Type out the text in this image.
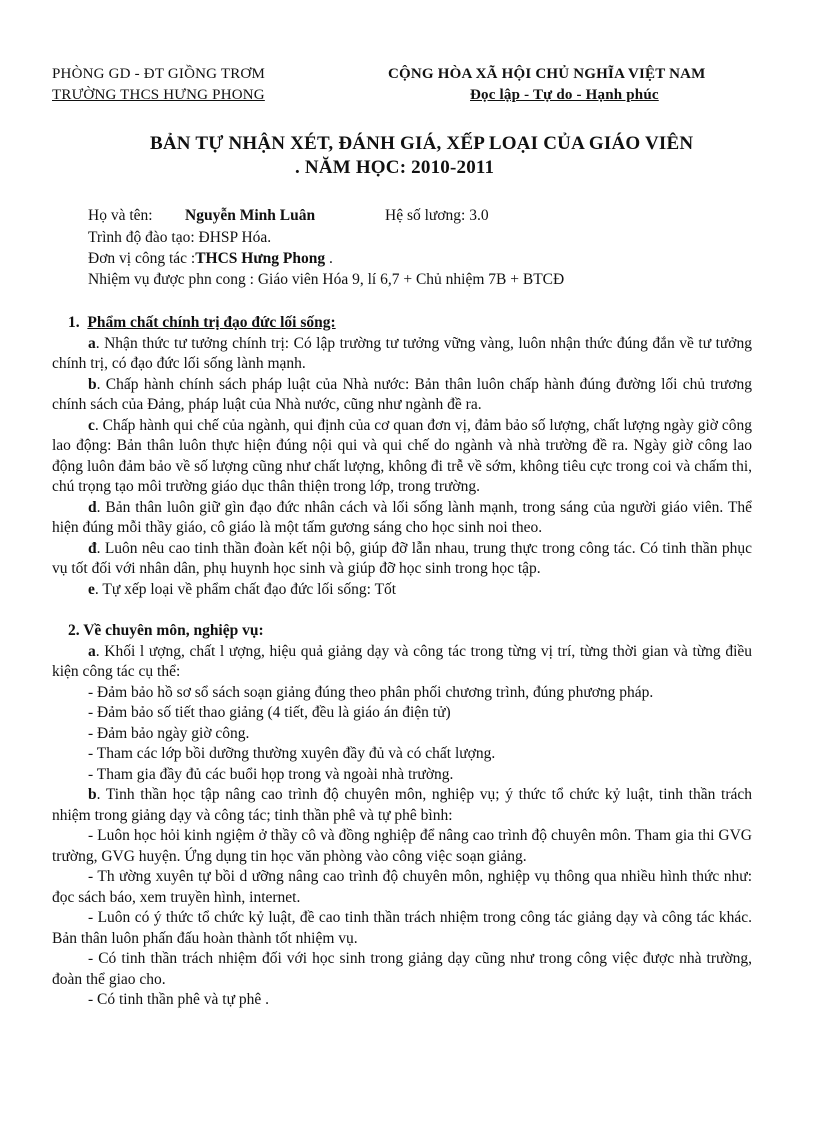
PHÒNG GD - ĐT GIỒNG TRƠM
TRƯỜNG THCS HƯNG PHONG
CỘNG HÒA XÃ HỘI CHỦ NGHĨA VIỆT NAM
Đọc lập - Tự do - Hạnh phúc
BẢN TỰ NHẬN XÉT, ĐÁNH GIÁ, XẾP LOẠI CỦA GIÁO VIÊN
. NĂM HỌC: 2010-2011
Họ và tên: Nguyễn Minh Luân	Hệ số lương: 3.0
Trình độ đào tạo: ĐHSP Hóa.
Đơn vị công tác :THCS Hưng Phong .
Nhiệm vụ được phn cong : Giáo viên Hóa 9, lí 6,7 + Chủ nhiệm 7B + BTCĐ

1. Phẩm chất chính trị đạo đức lối sống:

a. Nhận thức tư tưởng chính trị: Có lập trường tư tưởng vững vàng, luôn nhận thức đúng đắn về tư tưởng chính trị, có đạo đức lối sống lành mạnh.

b. Chấp hành chính sách pháp luật của Nhà nước: Bản thân luôn chấp hành đúng đường lối chủ trương chính sách của Đảng, pháp luật của Nhà nước, cũng như ngành đề ra.

c. Chấp hành qui chế của ngành, qui định của cơ quan đơn vị, đảm bảo số lượng, chất lượng ngày giờ công lao động: Bản thân luôn thực hiện đúng nội qui và qui chế do ngành và nhà trường đề ra. Ngày giờ công lao động luôn đảm bảo về số lượng cũng như chất lượng, không đi trễ về sớm, không tiêu cực trong coi và chấm thi, chú trọng tạo môi trường giáo dục thân thiện trong lớp, trong trường.

d. Bản thân luôn giữ gìn đạo đức nhân cách và lối sống lành mạnh, trong sáng của người giáo viên. Thể hiện đúng mỗi thầy giáo, cô giáo là một tấm gương sáng cho học sinh noi theo.

đ. Luôn nêu cao tinh thần đoàn kết nội bộ, giúp đỡ lẫn nhau, trung thực trong công tác. Có tinh thần phục vụ tốt đối với nhân dân, phụ huynh học sinh và giúp đỡ học sinh trong học tập.

e. Tự xếp loại về phẩm chất đạo đức lối sống: Tốt

2. Về chuyên môn, nghiệp vụ:

a. Khối l ượng, chất l ượng, hiệu quả giảng dạy và công tác trong từng vị trí, từng thời gian và từng điều kiện công tác cụ thể:

- Đảm bảo hồ sơ sổ sách soạn giảng đúng theo phân phối chương trình, đúng phương pháp.

- Đảm bảo số tiết thao giảng (4 tiết, đều là giáo án điện tử)

- Đảm bảo ngày giờ công.

- Tham các lớp bồi dưỡng thường xuyên đầy đủ và có chất lượng.

- Tham gia đầy đủ các buổi họp trong và ngoài nhà trường.

b. Tinh thần học tập nâng cao trình độ chuyên môn, nghiệp vụ; ý thức tổ chức kỷ luật, tinh thần trách nhiệm trong giảng dạy và công tác; tinh thần phê và tự phê bình:

- Luôn học hỏi kinh ngiệm ở thầy cô và đồng nghiệp để nâng cao trình độ chuyên môn. Tham gia thi GVG trường, GVG huyện. Ứng dụng tin học văn phòng vào công việc soạn giảng.

- Th ường xuyên tự bồi d ưỡng nâng cao trình độ chuyên môn, nghiệp vụ thông qua nhiều hình thức như: đọc sách báo, xem truyền hình, internet.

- Luôn có ý thức tổ chức kỷ luật, đề cao tinh thần trách nhiệm trong công tác giảng dạy và công tác khác. Bản thân luôn phấn đấu hoàn thành tốt nhiệm vụ.

- Có tinh thần trách nhiệm đối với học sinh trong giảng dạy cũng như trong công việc được nhà trường, đoàn thể giao cho.

- Có tinh thần phê và tự phê .
